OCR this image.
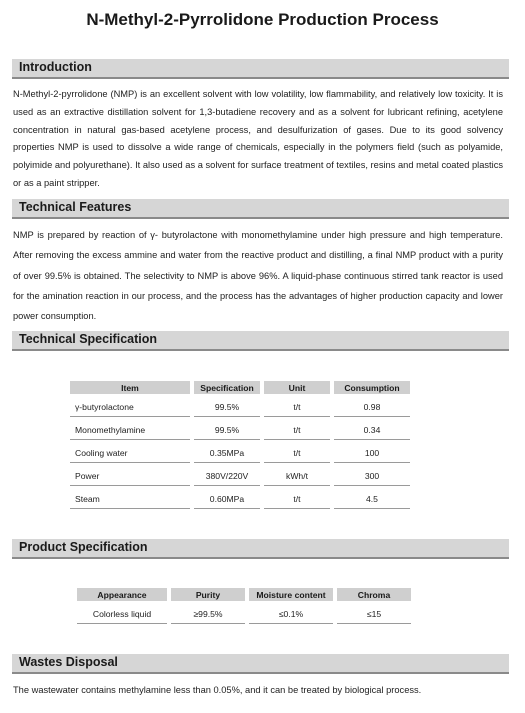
N-Methyl-2-Pyrrolidone Production Process
Introduction
N-Methyl-2-pyrrolidone (NMP) is an excellent solvent with low volatility, low flammability, and relatively low toxicity. It is used as an extractive distillation solvent for 1,3-butadiene recovery and as a solvent for lubricant refining, acetylene concentration in natural gas-based acetylene process, and desulfurization of gases. Due to its good solvency properties NMP is used to dissolve a wide range of chemicals, especially in the polymers field (such as polyamide, polyimide and polyurethane). It also used as a solvent for surface treatment of textiles, resins and metal coated plastics or as a paint stripper.
Technical Features
NMP is prepared by reaction of γ- butyrolactone with monomethylamine under high pressure and high temperature. After removing the excess ammine and water from the reactive product and distilling, a final NMP product with a purity of over 99.5% is obtained. The selectivity to NMP is above 96%. A liquid-phase continuous stirred tank reactor is used for the amination reaction in our process, and the process has the advantages of higher production capacity and lower power consumption.
Technical Specification
Item	Specification	Unit	Consumption
γ-butyrolactone	99.5%	t/t	0.98
Monomethylamine	99.5%	t/t	0.34
Cooling water	0.35MPa	t/t	100
Power	380V/220V	kWh/t	300
Steam	0.60MPa	t/t	4.5
Product Specification
Appearance	Purity	Moisture content	Chroma
Colorless liquid	≥99.5%	≤0.1%	≤15
Wastes Disposal
The wastewater contains methylamine less than 0.05%, and it can be treated by biological process.
